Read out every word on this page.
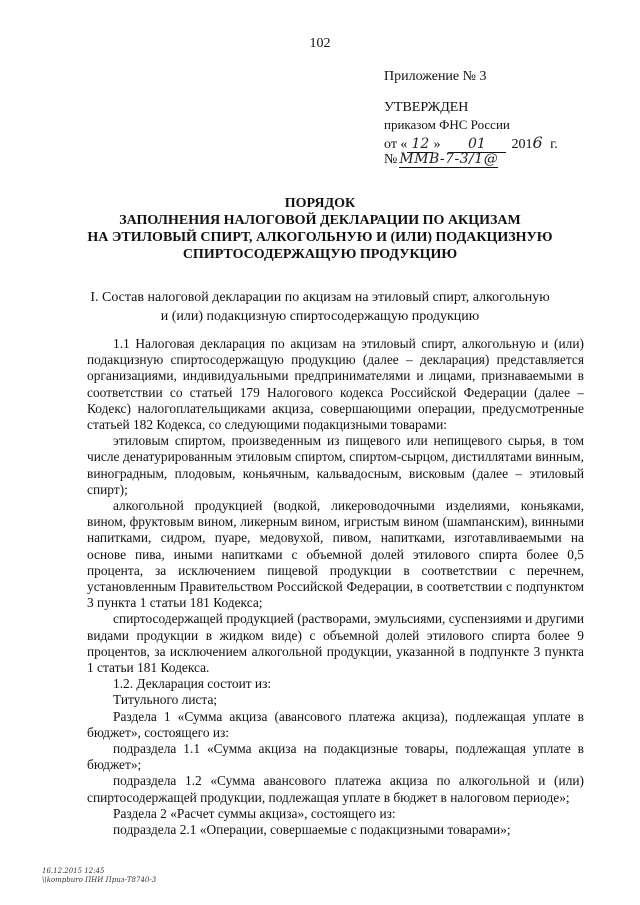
102
Приложение № 3
УТВЕРЖДЕН
приказом ФНС России
от « 12 » 01 2016 г.
№ ММВ-7-3/1@
ПОРЯДОК
ЗАПОЛНЕНИЯ НАЛОГОВОЙ ДЕКЛАРАЦИИ ПО АКЦИЗАМ
НА ЭТИЛОВЫЙ СПИРТ, АЛКОГОЛЬНУЮ И (ИЛИ) ПОДАКЦИЗНУЮ
СПИРТОСОДЕРЖАЩУЮ ПРОДУКЦИЮ
I. Состав налоговой декларации по акцизам на этиловый спирт, алкогольную
и (или) подакцизную спиртосодержащую продукцию

1.1 Налоговая декларация по акцизам на этиловый спирт, алкогольную и (или) подакцизную спиртосодержащую продукцию (далее – декларация) представляется организациями, индивидуальными предпринимателями и лицами, признаваемыми в соответствии со статьей 179 Налогового кодекса Российской Федерации (далее – Кодекс) налогоплательщиками акциза, совершающими операции, предусмотренные статьей 182 Кодекса, со следующими подакцизными товарами:

этиловым спиртом, произведенным из пищевого или непищевого сырья, в том числе денатурированным этиловым спиртом, спиртом-сырцом, дистиллятами винным, виноградным, плодовым, коньячным, кальвадосным, висковым (далее – этиловый спирт);

алкогольной продукцией (водкой, ликероводочными изделиями, коньяками, вином, фруктовым вином, ликерным вином, игристым вином (шампанским), винными напитками, сидром, пуаре, медовухой, пивом, напитками, изготавливаемыми на основе пива, иными напитками с объемной долей этилового спирта более 0,5 процента, за исключением пищевой продукции в соответствии с перечнем, установленным Правительством Российской Федерации, в соответствии с подпунктом 3 пункта 1 статьи 181 Кодекса;

спиртосодержащей продукцией (растворами, эмульсиями, суспензиями и другими видами продукции в жидком виде) с объемной долей этилового спирта более 9 процентов, за исключением алкогольной продукции, указанной в подпункте 3 пункта 1 статьи 181 Кодекса.

1.2. Декларация состоит из:

Титульного листа;

Раздела 1 «Сумма акциза (авансового платежа акциза), подлежащая уплате в бюджет», состоящего из:

подраздела 1.1 «Сумма акциза на подакцизные товары, подлежащая уплате в бюджет»;

подраздела 1.2 «Сумма авансового платежа акциза по алкогольной и (или) спиртосодержащей продукции, подлежащая уплате в бюджет в налоговом периоде»;

Раздела 2 «Расчет суммы акциза», состоящего из:

подраздела 2.1 «Операции, совершаемые с подакцизными товарами»;

16.12.2015 12:45
\\kompburo ПНИ Приз-Т8740-3
